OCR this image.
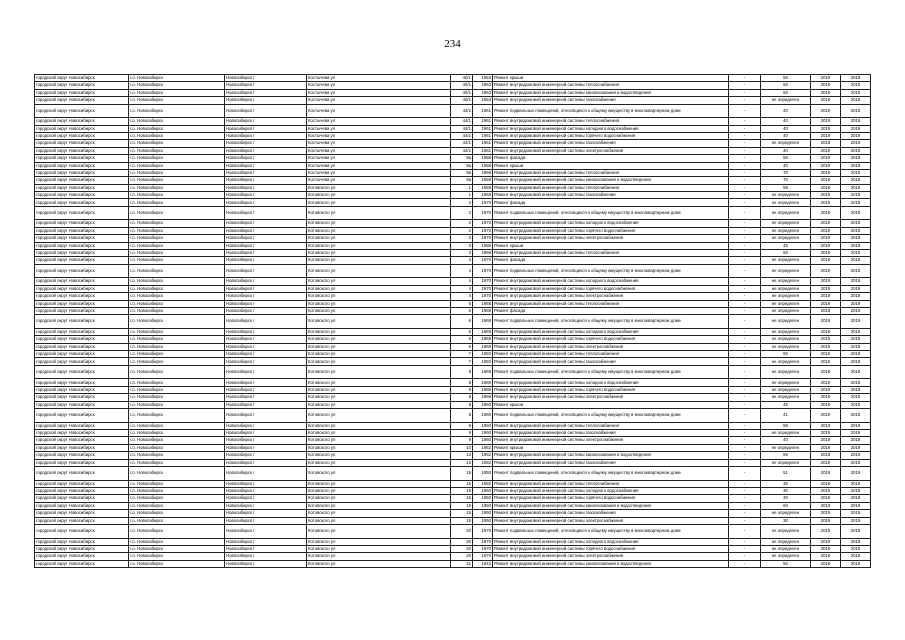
234
городской округ Новосибирск	г.о. Новосибирск	Новосибирск г	Костычева ул	40/1	1953	Ремонт крыши	-	50	2019	2019
городской округ Новосибирск	г.о. Новосибирск	Новосибирск г	Костычева ул	40/1	1953	Ремонт внутридомовой инженерной системы теплоснабжения	-	60	2019	2019
городской округ Новосибирск	г.о. Новосибирск	Новосибирск г	Костычева ул	40/1	1953	Ремонт внутридомовой инженерной системы канализования и водоотведения	-	60	2019	2019
городской округ Новосибирск	г.о. Новосибирск	Новосибирск г	Костычева ул	40/1	1953	Ремонт внутридомовой инженерной системы газоснабжения	-	не определен	2019	2019
городской округ Новосибирск	г.о. Новосибирск	Новосибирск г	Костычева ул	44/1	1961	Ремонт подвальных помещений, относящихся к общему имуществу в многоквартирном доме	-	40	2019	2019
городской округ Новосибирск	г.о. Новосибирск	Новосибирск г	Костычева ул	44/1	1961	Ремонт внутридомовой инженерной системы теплоснабжения	-	40	2019	2019
городской округ Новосибирск	г.о. Новосибирск	Новосибирск г	Костычева ул	44/1	1961	Ремонт внутридомовой инженерной системы холодного водоснабжения	-	40	2019	2019
городской округ Новосибирск	г.о. Новосибирск	Новосибирск г	Костычева ул	44/1	1961	Ремонт внутридомовой инженерной системы горячего водоснабжения	-	40	2019	2019
городской округ Новосибирск	г.о. Новосибирск	Новосибирск г	Костычева ул	44/1	1961	Ремонт внутридомовой инженерной системы газоснабжения	-	не определен	2019	2019
городской округ Новосибирск	г.о. Новосибирск	Новосибирск г	Костычева ул	44/1	1961	Ремонт внутридомовой инженерной системы электроснабжения	-	40	2019	2019
городской округ Новосибирск	г.о. Новосибирск	Новосибирск г	Костычева ул	9а	1958	Ремонт фасада	-	50	2019	2019
городской округ Новосибирск	г.о. Новосибирск	Новосибирск г	Костычева ул	9а	1958	Ремонт крыши	-	40	2019	2019
городской округ Новосибирск	г.о. Новосибирск	Новосибирск г	Костычева ул	9а	1958	Ремонт внутридомовой инженерной системы теплоснабжения	-	70	2019	2019
городской округ Новосибирск	г.о. Новосибирск	Новосибирск г	Костычева ул	9а	1958	Ремонт внутридомовой инженерной системы канализования и водоотведения	-	70	2019	2019
городской округ Новосибирск	г.о. Новосибирск	Новосибирск г	Котовского ул	1	1958	Ремонт внутридомовой инженерной системы теплоснабжения	-	59	2019	2019
городской округ Новосибирск	г.о. Новосибирск	Новосибирск г	Котовского ул	1	1958	Ремонт внутридомовой инженерной системы газоснабжения	-	не определен	2019	2019
городской округ Новосибирск	г.о. Новосибирск	Новосибирск г	Котовского ул	2	1970	Ремонт фасада	-	не определен	2019	2019
городской округ Новосибирск	г.о. Новосибирск	Новосибирск г	Котовского ул	2	1970	Ремонт подвальных помещений, относящихся к общему имуществу в многоквартирном доме	-	не определен	2019	2019
городской округ Новосибирск	г.о. Новосибирск	Новосибирск г	Котовского ул	2	1970	Ремонт внутридомовой инженерной системы холодного водоснабжения	-	не определен	2019	2019
городской округ Новосибирск	г.о. Новосибирск	Новосибирск г	Котовского ул	2	1970	Ремонт внутридомовой инженерной системы горячего водоснабжения	-	не определен	2019	2019
городской округ Новосибирск	г.о. Новосибирск	Новосибирск г	Котовского ул	2	1970	Ремонт внутридомовой инженерной системы электроснабжения	-	не определен	2019	2019
городской округ Новосибирск	г.о. Новосибирск	Новосибирск г	Котовского ул	3	1959	Ремонт крыши	-	45	2019	2019
городской округ Новосибирск	г.о. Новосибирск	Новосибирск г	Котовского ул	3	1959	Ремонт внутридомовой инженерной системы теплоснабжения	-	60	2019	2019
городской округ Новосибирск	г.о. Новосибирск	Новосибирск г	Котовского ул	4	1970	Ремонт фасада	-	не определен	2019	2019
городской округ Новосибирск	г.о. Новосибирск	Новосибирск г	Котовского ул	4	1970	Ремонт подвальных помещений, относящихся к общему имуществу в многоквартирном доме	-	не определен	2019	2019
городской округ Новосибирск	г.о. Новосибирск	Новосибирск г	Котовского ул	4	1970	Ремонт внутридомовой инженерной системы холодного водоснабжения	-	не определен	2019	2019
городской округ Новосибирск	г.о. Новосибирск	Новосибирск г	Котовского ул	4	1970	Ремонт внутридомовой инженерной системы горячего водоснабжения	-	не определен	2019	2019
городской округ Новосибирск	г.о. Новосибирск	Новосибирск г	Котовского ул	4	1970	Ремонт внутридомовой инженерной системы электроснабжения	-	не определен	2019	2019
городской округ Новосибирск	г.о. Новосибирск	Новосибирск г	Котовского ул	5	1958	Ремонт внутридомовой инженерной системы теплоснабжения	-	не определен	2019	2019
городской округ Новосибирск	г.о. Новосибирск	Новосибирск г	Котовского ул	6	1969	Ремонт фасада	-	не определен	2019	2019
городской округ Новосибирск	г.о. Новосибирск	Новосибирск г	Котовского ул	6	1969	Ремонт подвальных помещений, относящихся к общему имуществу в многоквартирном доме	-	не определен	2019	2019
городской округ Новосибирск	г.о. Новосибирск	Новосибирск г	Котовского ул	6	1969	Ремонт внутридомовой инженерной системы холодного водоснабжения	-	не определен	2019	2019
городской округ Новосибирск	г.о. Новосибирск	Новосибирск г	Котовского ул	6	1969	Ремонт внутридомовой инженерной системы горячего водоснабжения	-	не определен	2019	2019
городской округ Новосибирск	г.о. Новосибирск	Новосибирск г	Котовского ул	6	1969	Ремонт внутридомовой инженерной системы электроснабжения	-	не определен	2019	2019
городской округ Новосибирск	г.о. Новосибирск	Новосибирск г	Котовского ул	7	1950	Ремонт внутридомовой инженерной системы теплоснабжения	-	60	2019	2019
городской округ Новосибирск	г.о. Новосибирск	Новосибирск г	Котовского ул	7	1950	Ремонт внутридомовой инженерной системы газоснабжения	-	не определен	2019	2019
городской округ Новосибирск	г.о. Новосибирск	Новосибирск г	Котовского ул	8	1969	Ремонт подвальных помещений, относящихся к общему имуществу в многоквартирном доме	-	не определен	2019	2019
городской округ Новосибирск	г.о. Новосибирск	Новосибирск г	Котовского ул	8	1969	Ремонт внутридомовой инженерной системы холодного водоснабжения	-	не определен	2019	2019
городской округ Новосибирск	г.о. Новосибирск	Новосибирск г	Котовского ул	8	1969	Ремонт внутридомовой инженерной системы горячего водоснабжения	-	не определен	2019	2019
городской округ Новосибирск	г.о. Новосибирск	Новосибирск г	Котовского ул	8	1969	Ремонт внутридомовой инженерной системы электроснабжения	-	не определен	2019	2019
городской округ Новосибирск	г.о. Новосибирск	Новосибирск г	Котовского ул	9	1960	Ремонт крыши	-	45	2019	2019
городской округ Новосибирск	г.о. Новосибирск	Новосибирск г	Котовского ул	9	1960	Ремонт подвальных помещений, относящихся к общему имуществу в многоквартирном доме	-	41	2019	2019
городской округ Новосибирск	г.о. Новосибирск	Новосибирск г	Котовского ул	9	1960	Ремонт внутридомовой инженерной системы теплоснабжения	-	59	2019	2019
городской округ Новосибирск	г.о. Новосибирск	Новосибирск г	Котовского ул	9	1960	Ремонт внутридомовой инженерной системы газоснабжения	-	не определен	2019	2019
городской округ Новосибирск	г.о. Новосибирск	Новосибирск г	Котовского ул	9	1960	Ремонт внутридомовой инженерной системы электроснабжения	-	40	2019	2019
городской округ Новосибирск	г.о. Новосибирск	Новосибирск г	Котовского ул	10	1952	Ремонт крыши	-	не определен	2019	2019
городской округ Новосибирск	г.о. Новосибирск	Новосибирск г	Котовского ул	13	1952	Ремонт внутридомовой инженерной системы канализования и водоотведения	-	59	2019	2019
городской округ Новосибирск	г.о. Новосибирск	Новосибирск г	Котовского ул	13	1952	Ремонт внутридомовой инженерной системы газоснабжения	-	не определен	2019	2019
городской округ Новосибирск	г.о. Новосибирск	Новосибирск г	Котовского ул	15	1950	Ремонт подвальных помещений, относящихся к общему имуществу в многоквартирном доме	-	51	2019	2019
городской округ Новосибирск	г.о. Новосибирск	Новосибирск г	Котовского ул	15	1950	Ремонт внутридомовой инженерной системы теплоснабжения	-	30	2019	2019
городской округ Новосибирск	г.о. Новосибирск	Новосибирск г	Котовского ул	15	1950	Ремонт внутридомовой инженерной системы холодного водоснабжения	-	30	2019	2019
городской округ Новосибирск	г.о. Новосибирск	Новосибирск г	Котовского ул	15	1950	Ремонт внутридомовой инженерной системы горячего водоснабжения	-	30	2019	2019
городской округ Новосибирск	г.о. Новосибирск	Новосибирск г	Котовского ул	15	1950	Ремонт внутридомовой инженерной системы канализования и водоотведения	-	60	2019	2019
городской округ Новосибирск	г.о. Новосибирск	Новосибирск г	Котовского ул	15	1950	Ремонт внутридомовой инженерной системы газоснабжения	-	не определен	2019	2019
городской округ Новосибирск	г.о. Новосибирск	Новосибирск г	Котовского ул	15	1950	Ремонт внутридомовой инженерной системы электроснабжения	-	30	2019	2019
городской округ Новосибирск	г.о. Новосибирск	Новосибирск г	Котовского ул	20	1970	Ремонт подвальных помещений, относящихся к общему имуществу в многоквартирном доме	-	не определен	2019	2019
городской округ Новосибирск	г.о. Новосибирск	Новосибирск г	Котовского ул	20	1970	Ремонт внутридомовой инженерной системы холодного водоснабжения	-	не определен	2019	2019
городской округ Новосибирск	г.о. Новосибирск	Новосибирск г	Котовского ул	20	1970	Ремонт внутридомовой инженерной системы горячего водоснабжения	-	не определен	2019	2019
городской округ Новосибирск	г.о. Новосибирск	Новосибирск г	Котовского ул	20	1970	Ремонт внутридомовой инженерной системы электроснабжения	-	не определен	2019	2019
городской округ Новосибирск	г.о. Новосибирск	Новосибирск г	Котовского ул	21	1943	Ремонт внутридомовой инженерной системы канализования и водоотведения	-	50	2019	2019
